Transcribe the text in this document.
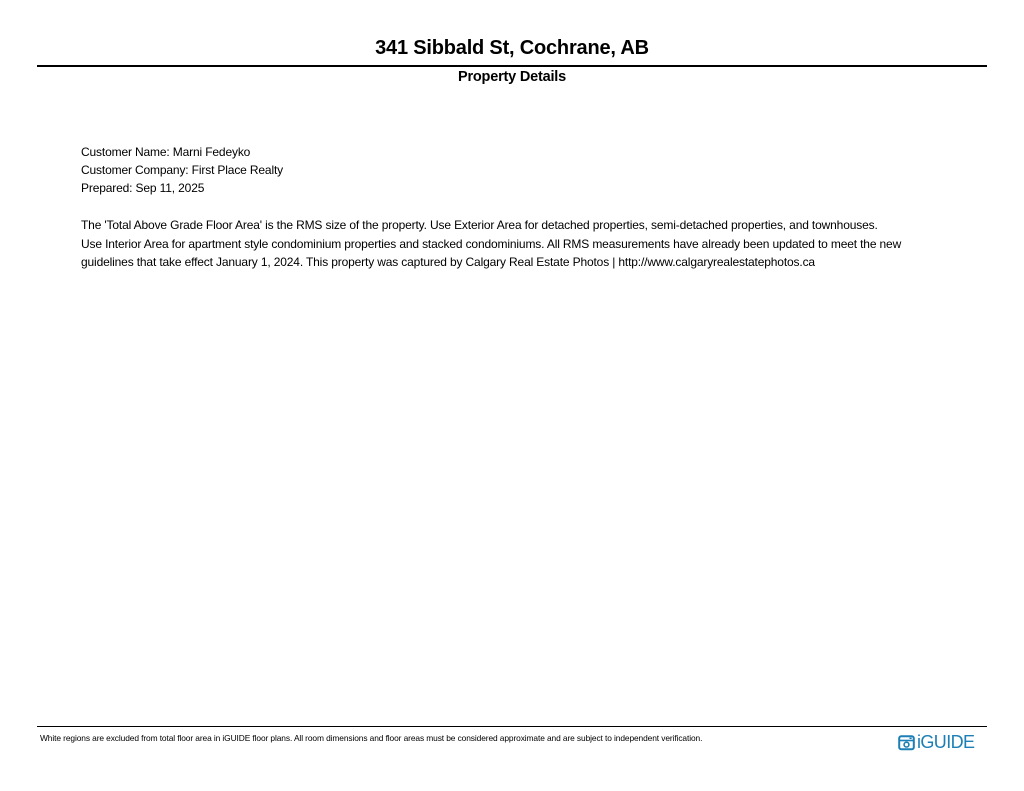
341 Sibbald St, Cochrane, AB
Property Details
Customer Name: Marni Fedeyko
Customer Company: First Place Realty
Prepared: Sep 11, 2025
The 'Total Above Grade Floor Area' is the RMS size of the property. Use Exterior Area for detached properties, semi-detached properties, and townhouses.
Use Interior Area for apartment style condominium properties and stacked condominiums. All RMS measurements have already been updated to meet the new
guidelines that take effect January 1, 2024. This property was captured by Calgary Real Estate Photos | http://www.calgaryrealestatephotos.ca
White regions are excluded from total floor area in iGUIDE floor plans. All room dimensions and floor areas must be considered approximate and are subject to independent verification.	iGUIDE
